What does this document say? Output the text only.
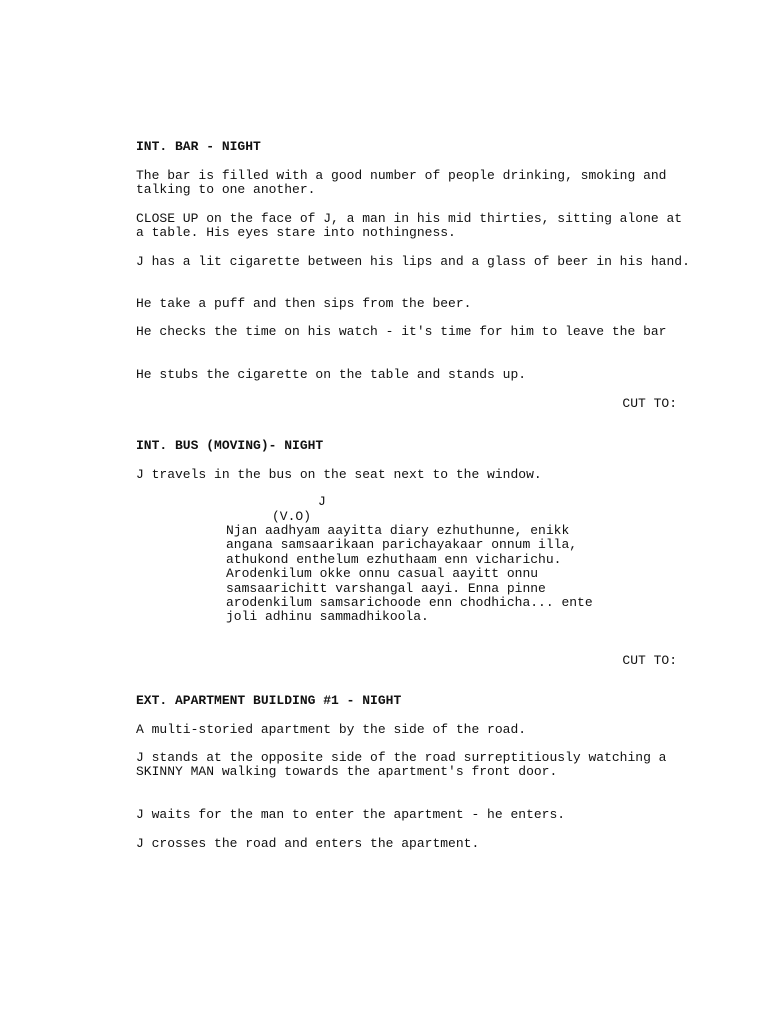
INT. BAR - NIGHT
The bar is filled with a good number of people drinking, smoking and talking to one another.
CLOSE UP on the face of J, a man in his mid thirties, sitting alone at a table. His eyes stare into nothingness.
J has a lit cigarette between his lips and a glass of beer in his hand.
He take a puff and then sips from the beer.
He checks the time on his watch - it's time for him to leave the bar
He stubs the cigarette on the table and stands up.
CUT TO:
INT. BUS (MOVING)- NIGHT
J travels in the bus on the seat next to the window.
J
(V.O)
Njan aadhyam aayitta diary ezhuthunne, enikk angana samsaarikaan parichayakaar onnum illa, athukond enthelum ezhuthaam enn vicharichu. Arodenkilum okke onnu casual aayitt onnu samsaarichitt varshangal aayi. Enna pinne arodenkilum samsarichoode enn chodhicha... ente joli adhinu sammadhikoola.
CUT TO:
EXT. APARTMENT BUILDING #1 - NIGHT
A multi-storied apartment by the side of the road.
J stands at the opposite side of the road surreptitiously watching a SKINNY MAN walking towards the apartment's front door.
J waits for the man to enter the apartment - he enters.
J crosses the road and enters the apartment.
